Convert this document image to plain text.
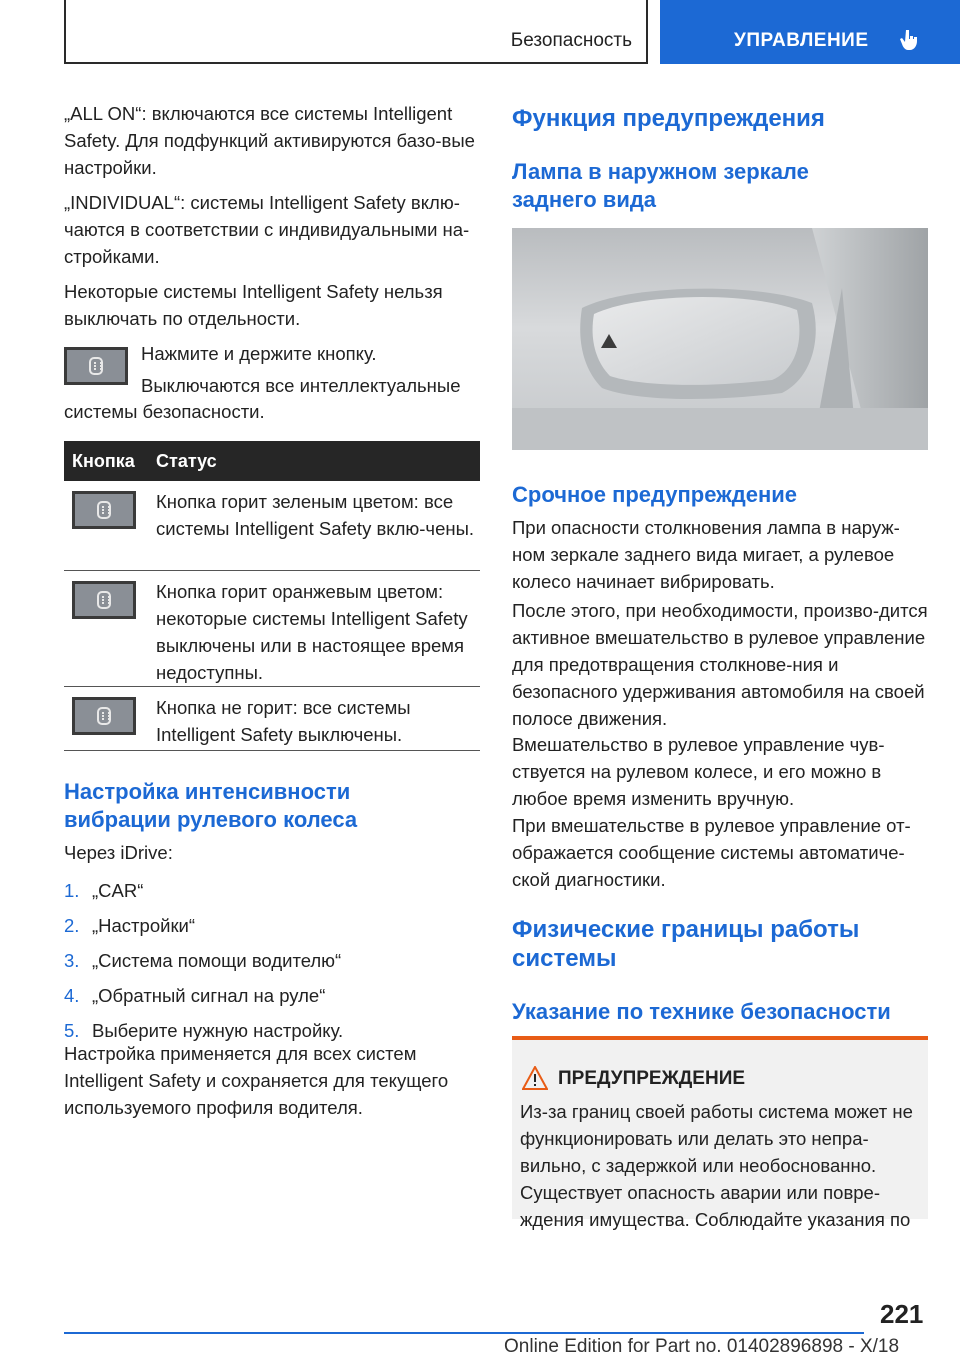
Безопасность	УПРАВЛЕНИЕ

„ALL ON“: включаются все системы Intelligent Safety. Для подфункций активируются базо-вые настройки.

„INDIVIDUAL“: системы Intelligent Safety вклю-чаются в соответствии с индивидуальными на-стройками.

Некоторые системы Intelligent Safety нельзя выключать по отдельности.

Нажмите и держите кнопку.

Выключаются все интеллектуальные

системы безопасности.

Кнопка Статус
Кнопка горит зеленым цветом: все системы Intelligent Safety вклю-чены.
Кнопка горит оранжевым цветом: некоторые системы Intelligent Safety выключены или в настоящее время недоступны.
Кнопка не горит: все системы Intelligent Safety выключены.
Настройка интенсивности
вибрации рулевого колеса

Через iDrive:

1. „CAR“
2. „Настройки“
3. „Система помощи водителю“
4. „Обратный сигнал на руле“
5. Выберите нужную настройку.

Настройка применяется для всех систем Intelligent Safety и сохраняется для текущего используемого профиля водителя.

Функция предупреждения
Лампа в наружном зеркале
заднего вида
Срочное предупреждение

При опасности столкновения лампа в наруж-ном зеркале заднего вида мигает, а рулевое колесо начинает вибрировать.

После этого, при необходимости, произво-дится активное вмешательство в рулевое управление для предотвращения столкнове-ния и безопасного удерживания автомобиля на своей полосе движения.

Вмешательство в рулевое управление чув-ствуется на рулевом колесе, и его можно в любое время изменить вручную.

При вмешательстве в рулевое управление от-ображается сообщение системы автоматиче-ской диагностики.

Физические границы работы
системы
Указание по технике безопасности
ПРЕДУПРЕЖДЕНИЕ
Из-за границ своей работы система может не функционировать или делать это непра-вильно, с задержкой или необоснованно. Существует опасность аварии или повре-ждения имущества. Соблюдайте указания по
221
Online Edition for Part no. 01402896898 - X/18
